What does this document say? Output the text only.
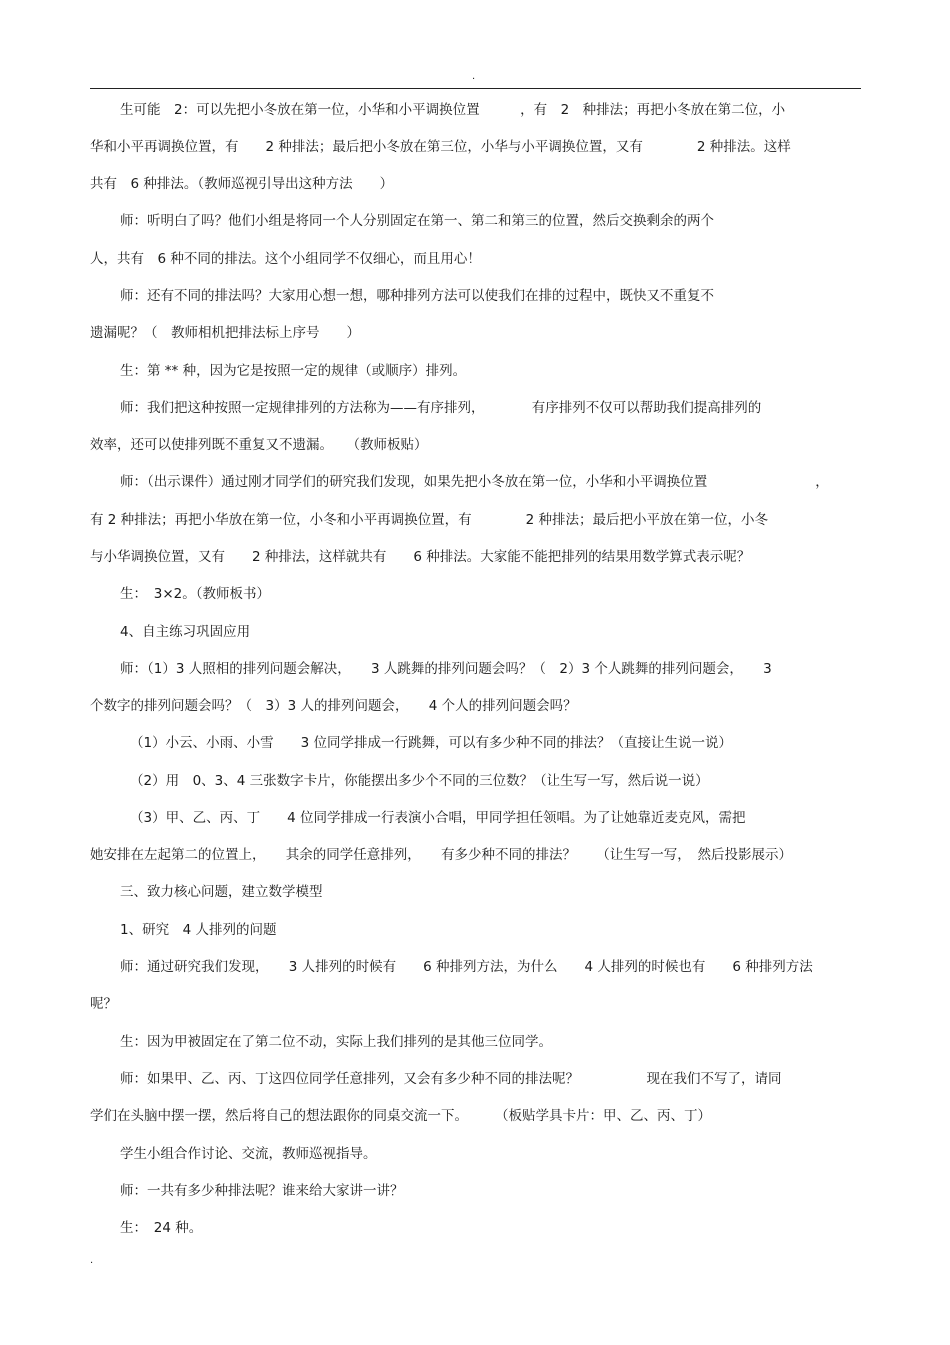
.
生可能　2：可以先把小冬放在第一位，小华和小平调换位置　　　，有　2　种排法；再把小冬放在第二位，小
华和小平再调换位置，有　　2 种排法；最后把小冬放在第三位，小华与小平调换位置，又有　　　　2 种排法。这样
共有　6 种排法。（教师巡视引导出这种方法　　）
师：听明白了吗？他们小组是将同一个人分别固定在第一、第二和第三的位置，然后交换剩余的两个
人，共有　6 种不同的排法。这个小组同学不仅细心，而且用心！
师：还有不同的排法吗？大家用心想一想，哪种排列方法可以使我们在排的过程中，既快又不重复不
遗漏呢？（　教师相机把排法标上序号　　）
生：第 ** 种，因为它是按照一定的规律（或顺序）排列。
师：我们把这种按照一定规律排列的方法称为——有序排列，　　　　有序排列不仅可以帮助我们提高排列的
效率，还可以使排列既不重复又不遗漏。　　（教师板贴）
师：（出示课件）通过刚才同学们的研究我们发现，如果先把小冬放在第一位，小华和小平调换位置　　　　　　　　，
有 2 种排法；再把小华放在第一位，小冬和小平再调换位置，有　　　　2 种排法；最后把小平放在第一位，小冬
与小华调换位置，又有　　2 种排法，这样就共有　　6 种排法。大家能不能把排列的结果用数学算式表示呢？
生：　3×2。（教师板书）
4、自主练习巩固应用
师：（1）3 人照相的排列问题会解决，　　3 人跳舞的排列问题会吗？（　2）3 个人跳舞的排列问题会，　　3
个数字的排列问题会吗？（　3）3 人的排列问题会，　　4 个人的排列问题会吗？
（1）小云、小雨、小雪　　3 位同学排成一行跳舞，可以有多少种不同的排法？（直接让生说一说）
（2）用　0、3、4 三张数字卡片，你能摆出多少个不同的三位数？（让生写一写，然后说一说）
（3）甲、乙、丙、丁　　4 位同学排成一行表演小合唱，甲同学担任领唱。为了让她靠近麦克风，需把
她安排在左起第二的位置上，　　其余的同学任意排列，　　有多少种不同的排法？　　（让生写一写，　然后投影展示）
三、致力核心问题，建立数学模型
1、研究　4 人排列的问题
师：通过研究我们发现，　　3 人排列的时候有　　6 种排列方法，为什么　　4 人排列的时候也有　　6 种排列方法
呢？
生：因为甲被固定在了第二位不动，实际上我们排列的是其他三位同学。
师：如果甲、乙、丙、丁这四位同学任意排列，又会有多少种不同的排法呢？　　　　　现在我们不写了，请同
学们在头脑中摆一摆，然后将自己的想法跟你的同桌交流一下。　　　（板贴学具卡片：甲、乙、丙、丁）
学生小组合作讨论、交流，教师巡视指导。
师：一共有多少种排法呢？谁来给大家讲一讲？
生：　24 种。
.
